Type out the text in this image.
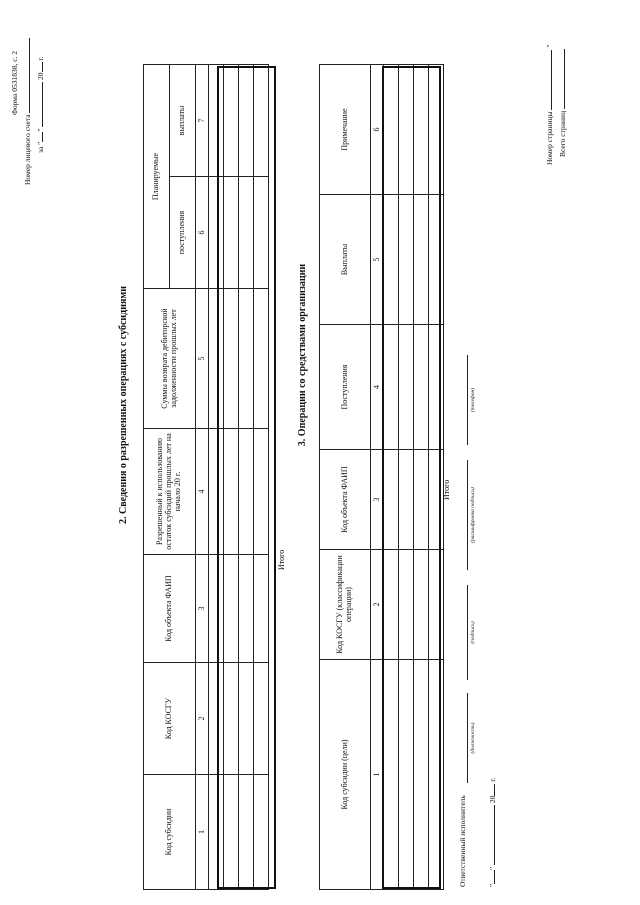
Форма 0531838, с. 2
Номер лицевого счета за ""  20 г.
2. Сведения о разрешенных операциях с субсидиями
Код субсидии	Код КОСГУ	Код объекта ФАИП	Разрешенный к использованию остаток субсидий прошлых лет на начало 20 г.	Суммы возврата дебиторской задолженности прошлых лет	Планируемые	
					поступления	выплаты
1	2	3	4	5	6	7

Итого
3. Операции со средствами организации
Код субсидии (цели)	Код КОСГУ (классификации операции)	Код объекта ФАИП	Поступления	Выплаты	Примечание
1	2	3	4	5	6

Итого
Ответственный исполнитель
(должность)
(подпись)
(расшифровка подписи)
(телефон)
""  20 г.
Номер страницы  "
Всего страниц
